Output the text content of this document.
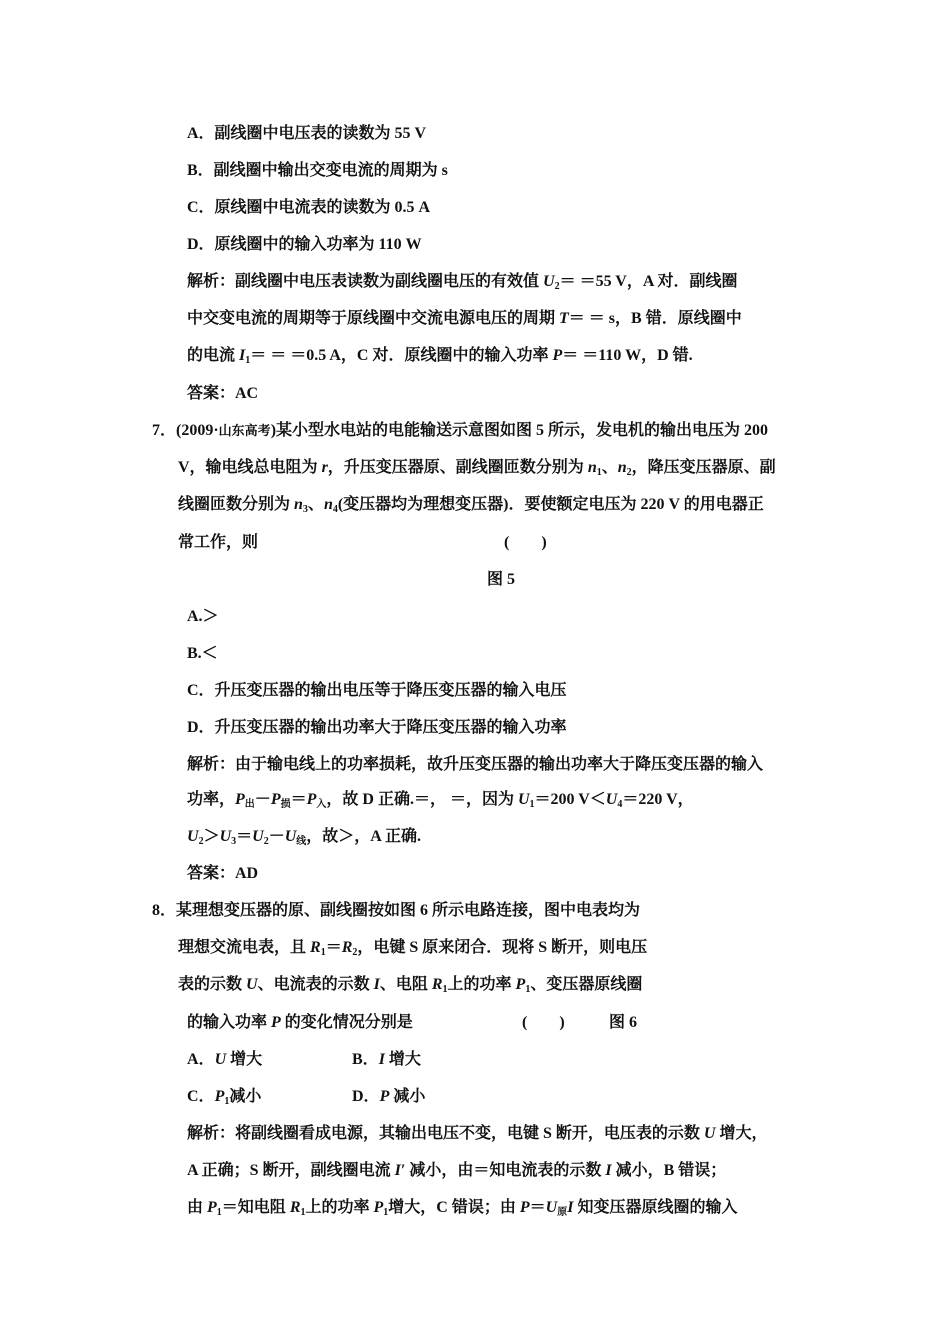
A．副线圈中电压表的读数为 55 V
B．副线圈中输出交变电流的周期为 s
C．原线圈中电流表的读数为 0.5 A
D．原线圈中的输入功率为 110 W
解析：副线圈中电压表读数为副线圈电压的有效值 $U_2= =55$ V，A 对．副线圈
中交变电流的周期等于原线圈中交流电源电压的周期 T＝ ＝ s，B 错．原线圈中
的电流 $I_1= = =0.5$ A，C 对．原线圈中的输入功率 P＝ ＝110 W，D 错.
答案：AC
7．(2009·山东高考)某小型水电站的电能输送示意图如图 5 所示，发电机的输出电压为 200
V，输电线总电阻为 r，升压变压器原、副线圈匝数分别为 $n_1$、$n_2$，降压变压器原、副
线圈匝数分别为 $n_3$、$n_4$(变压器均为理想变压器)．要使额定电压为 220 V 的用电器正
常工作，则	(　　)
图 5
A.＞
B.＜
C．升压变压器的输出电压等于降压变压器的输入电压
D．升压变压器的输出功率大于降压变压器的输入功率
解析：由于输电线上的功率损耗，故升压变压器的输出功率大于降压变压器的输入
功率，$P_出-P_损=P_入$，故 D 正确.＝， ＝，因为 $U_1=200$ $V<U_4=220$ V，
$U_2>U_3=U_2-U_线$，故＞，A 正确.
答案：AD
8．某理想变压器的原、副线圈按如图 6 所示电路连接，图中电表均为
理想交流电表，且 $R_1=R_2$，电键 S 原来闭合．现将 S 断开，则电压
表的示数 U、电流表的示数 I、电阻 $R_1$上的功率 $P_1$、变压器原线圈
的输入功率 P 的变化情况分别是	(　　)	图 6
A．U 增大	B．I 增大
C．$P_1$减小	D．P 减小
解析：将副线圈看成电源，其输出电压不变，电键 S 断开，电压表的示数 U 增大，
A 正确；S 断开，副线圈电流 I′ 减小，由＝知电流表的示数 I 减小，B 错误；
由 $P_1=$知电阻 $R_1$上的功率 $P_1$增大，C 错误；由 $P=U_原I$ 知变压器原线圈的输入
